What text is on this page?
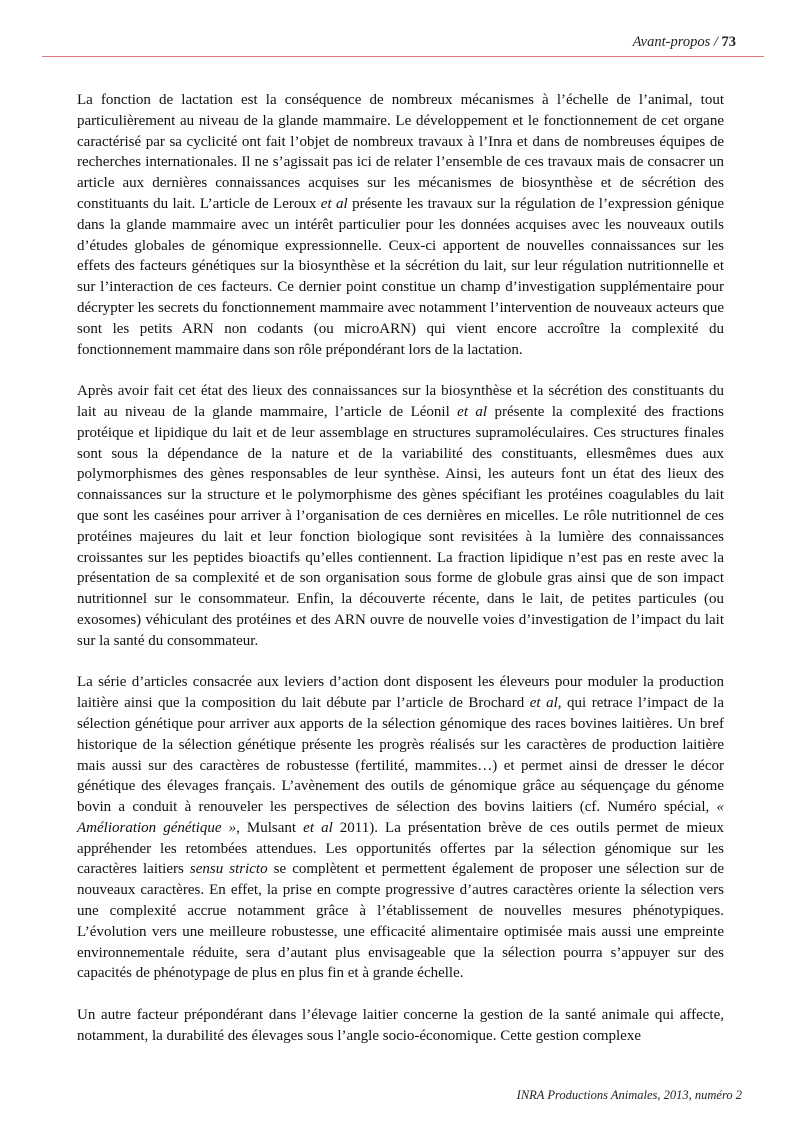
Avant-propos / 73

La fonction de lactation est la conséquence de nombreux mécanismes à l’échelle de l’animal, tout particulièrement au niveau de la glande mammaire. Le développement et le fonctionnement de cet organe caractérisé par sa cyclicité ont fait l’objet de nombreux travaux à l’Inra et dans de nombreuses équipes de recherches internationales. Il ne s’agissait pas ici de relater l’ensemble de ces travaux mais de consacrer un article aux dernières connaissances acquises sur les mécanismes de biosynthèse et de sécrétion des constituants du lait. L’article de Leroux et al présente les travaux sur la régulation de l’expression génique dans la glande mammaire avec un intérêt particulier pour les données acquises avec les nouveaux outils d’études globales de génomique expressionnelle. Ceux-ci apportent de nouvelles connaissances sur les effets des facteurs génétiques sur la biosynthèse et la sécrétion du lait, sur leur régulation nutritionnelle et sur l’interaction de ces facteurs. Ce dernier point constitue un champ d’investigation supplémentaire pour décrypter les secrets du fonctionnement mammaire avec notamment l’intervention de nouveaux acteurs que sont les petits ARN non codants (ou microARN) qui vient encore accroître la complexité du fonctionnement mammaire dans son rôle prépondérant lors de la lactation.

Après avoir fait cet état des lieux des connaissances sur la biosynthèse et la sécrétion des constituants du lait au niveau de la glande mammaire, l’article de Léonil et al présente la complexité des fractions protéique et lipidique du lait et de leur assemblage en structures supramoléculaires. Ces structures finales sont sous la dépendance de la nature et de la variabilité des constituants, ellesmêmes dues aux polymorphismes des gènes responsables de leur synthèse. Ainsi, les auteurs font un état des lieux des connaissances sur la structure et le polymorphisme des gènes spécifiant les protéines coagulables du lait que sont les caséines pour arriver à l’organisation de ces dernières en micelles. Le rôle nutritionnel de ces protéines majeures du lait et leur fonction biologique sont revisitées à la lumière des connaissances croissantes sur les peptides bioactifs qu’elles contiennent. La fraction lipidique n’est pas en reste avec la présentation de sa complexité et de son organisation sous forme de globule gras ainsi que de son impact nutritionnel sur le consommateur. Enfin, la découverte récente, dans le lait, de petites particules (ou exosomes) véhiculant des protéines et des ARN ouvre de nouvelle voies d’investigation de l’impact du lait sur la santé du consommateur.

La série d’articles consacrée aux leviers d’action dont disposent les éleveurs pour moduler la production laitière ainsi que la composition du lait débute par l’article de Brochard et al, qui retrace l’impact de la sélection génétique pour arriver aux apports de la sélection génomique des races bovines laitières. Un bref historique de la sélection génétique présente les progrès réalisés sur les caractères de production laitière mais aussi sur des caractères de robustesse (fertilité, mammites…) et permet ainsi de dresser le décor génétique des élevages français. L’avènement des outils de génomique grâce au séquençage du génome bovin a conduit à renouveler les perspectives de sélection des bovins laitiers (cf. Numéro spécial, « Amélioration génétique », Mulsant et al 2011). La présentation brève de ces outils permet de mieux appréhender les retombées attendues. Les opportunités offertes par la sélection génomique sur les caractères laitiers sensu stricto se complètent et permettent également de proposer une sélection sur de nouveaux caractères. En effet, la prise en compte progressive d’autres caractères oriente la sélection vers une complexité accrue notamment grâce à l’établissement de nouvelles mesures phénotypiques. L’évolution vers une meilleure robustesse, une efficacité alimentaire optimisée mais aussi une empreinte environnementale réduite, sera d’autant plus envisageable que la sélection pourra s’appuyer sur des capacités de phénotypage de plus en plus fin et à grande échelle.

Un autre facteur prépondérant dans l’élevage laitier concerne la gestion de la santé animale qui affecte, notamment, la durabilité des élevages sous l’angle socio-économique. Cette gestion complexe

INRA Productions Animales, 2013, numéro 2
